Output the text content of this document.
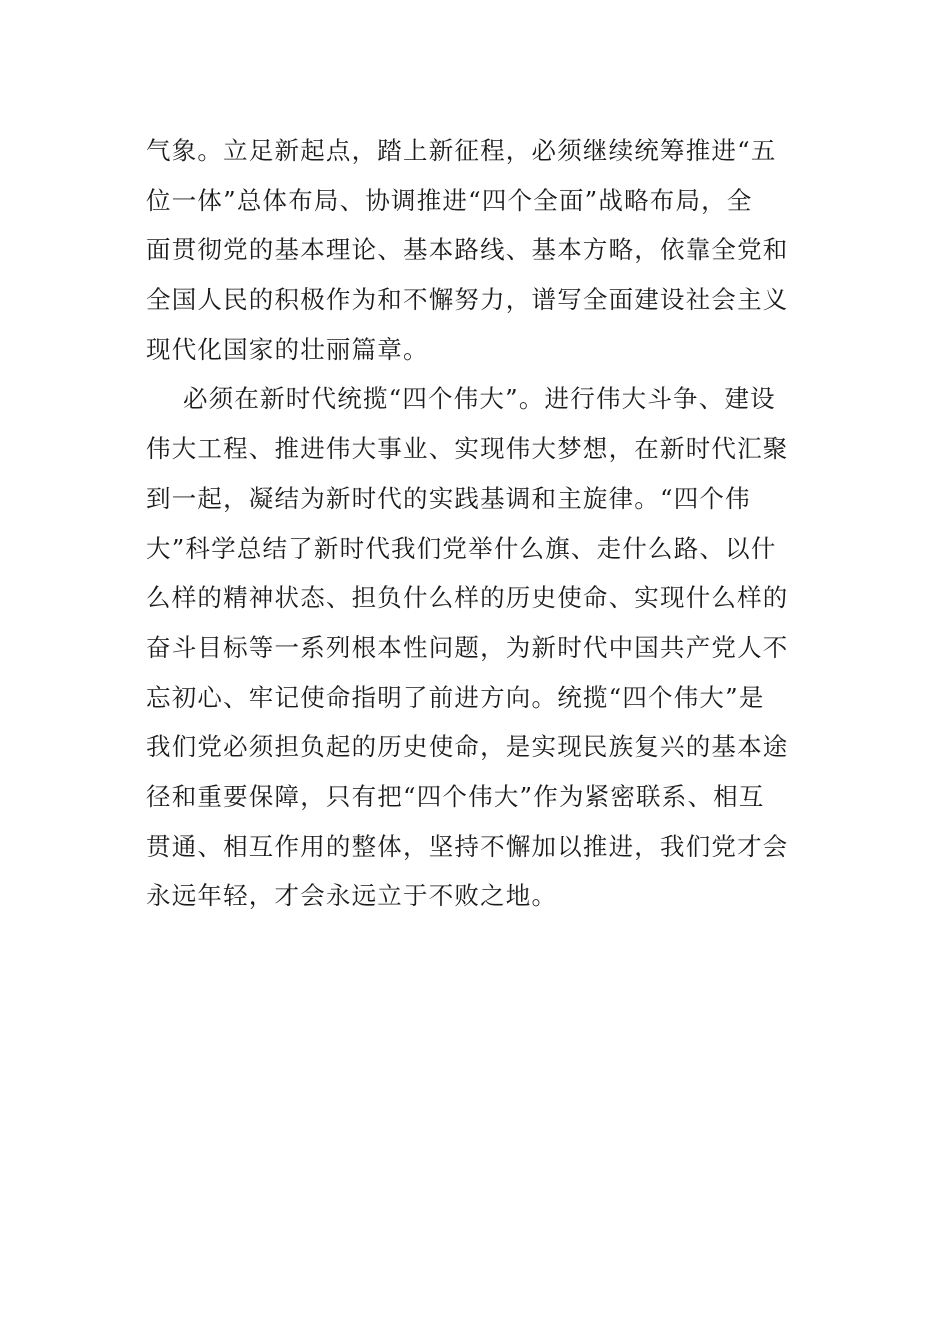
气象。立足新起点，踏上新征程，必须继续统筹推进“五
位一体”总体布局、协调推进“四个全面”战略布局，全
面贯彻党的基本理论、基本路线、基本方略，依靠全党和
全国人民的积极作为和不懈努力，谱写全面建设社会主义
现代化国家的壮丽篇章。
必须在新时代统揽“四个伟大”。进行伟大斗争、建设
伟大工程、推进伟大事业、实现伟大梦想，在新时代汇聚
到一起，凝结为新时代的实践基调和主旋律。“四个伟
大”科学总结了新时代我们党举什么旗、走什么路、以什
么样的精神状态、担负什么样的历史使命、实现什么样的
奋斗目标等一系列根本性问题，为新时代中国共产党人不
忘初心、牢记使命指明了前进方向。统揽“四个伟大”是
我们党必须担负起的历史使命，是实现民族复兴的基本途
径和重要保障，只有把“四个伟大”作为紧密联系、相互
贯通、相互作用的整体，坚持不懈加以推进，我们党才会
永远年轻，才会永远立于不败之地。
